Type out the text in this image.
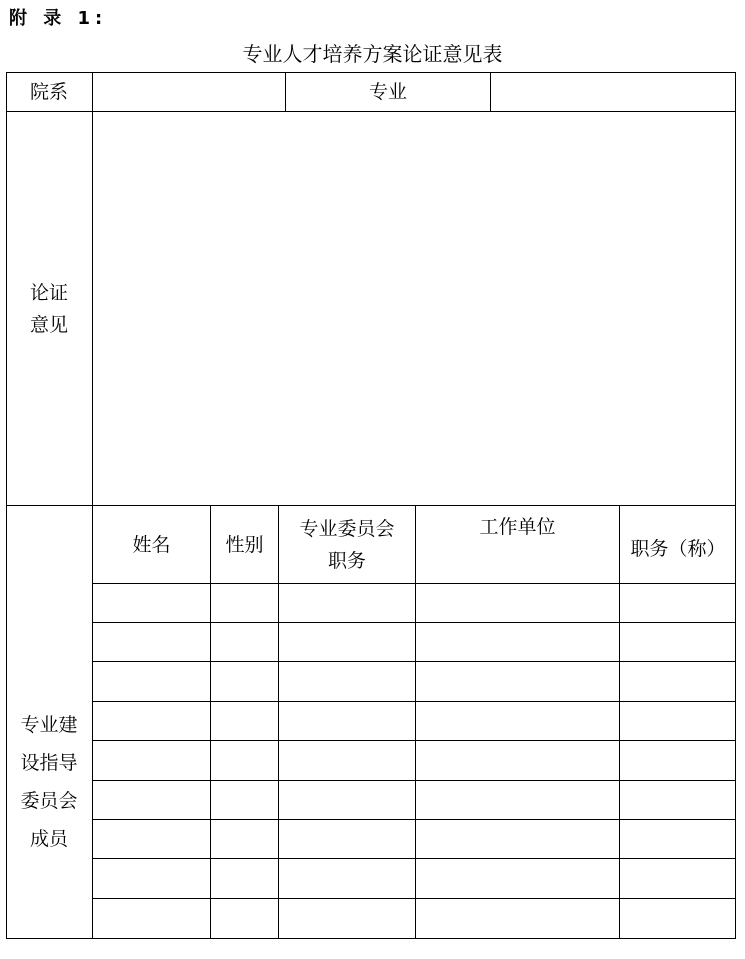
附 录 1:
专业人才培养方案论证意见表
院系	专业
论证
意见
专业建
设指导
委员会
成员
姓名	性别
专业委员会
职务
工作单位
职务（称）
